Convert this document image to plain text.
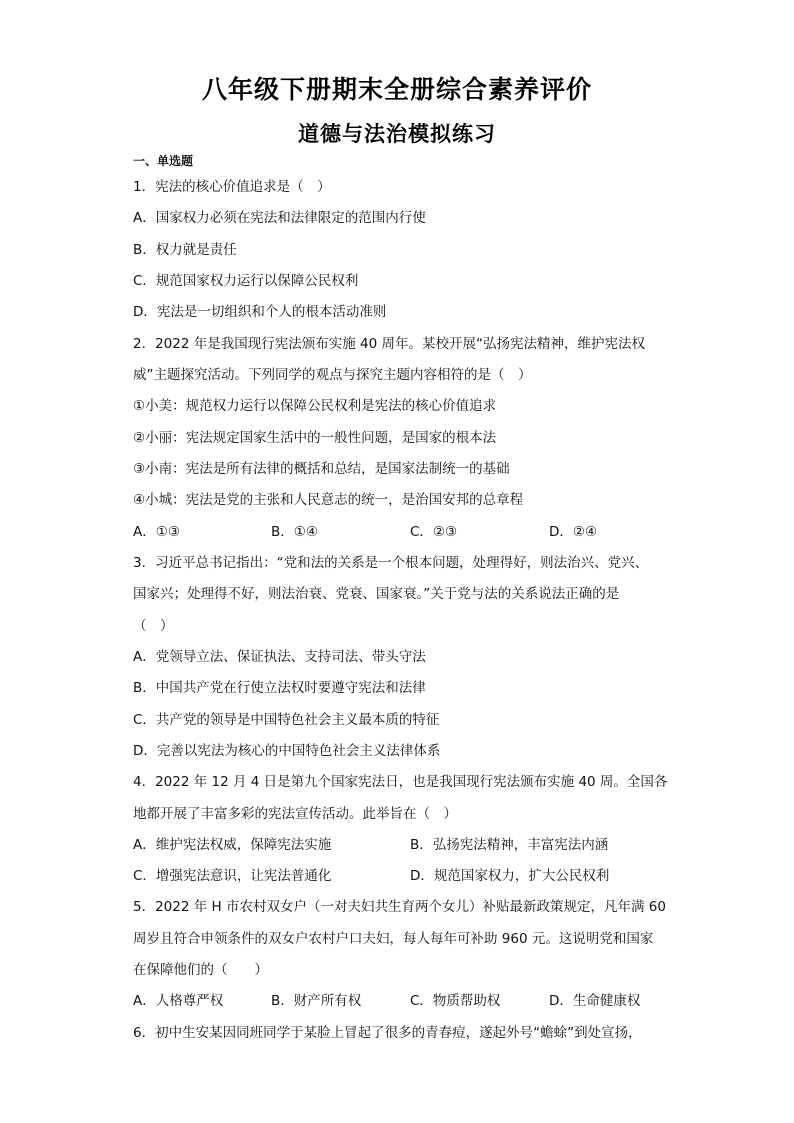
八年级下册期末全册综合素养评价
道德与法治模拟练习
一、单选题
1．宪法的核心价值追求是（　）
A．国家权力必须在宪法和法律限定的范围内行使
B．权力就是责任
C．规范国家权力运行以保障公民权利
D．宪法是一切组织和个人的根本活动准则
2．2022 年是我国现行宪法颁布实施 40 周年。某校开展“弘扬宪法精神，维护宪法权
威”主题探究活动。下列同学的观点与探究主题内容相符的是（　）
①小美：规范权力运行以保障公民权利是宪法的核心价值追求
②小丽：宪法规定国家生活中的一般性问题，是国家的根本法
③小南：宪法是所有法律的概括和总结，是国家法制统一的基础
④小城：宪法是党的主张和人民意志的统一，是治国安邦的总章程
A．①③	B．①④	C．②③	D．②④
3．习近平总书记指出：“党和法的关系是一个根本问题，处理得好，则法治兴、党兴、
国家兴；处理得不好，则法治衰、党衰、国家衰。”关于党与法的关系说法正确的是
（　）
A．党领导立法、保证执法、支持司法、带头守法
B．中国共产党在行使立法权时要遵守宪法和法律
C．共产党的领导是中国特色社会主义最本质的特征
D．完善以宪法为核心的中国特色社会主义法律体系
4．2022 年 12 月 4 日是第九个国家宪法日，也是我国现行宪法颁布实施 40 周。全国各
地都开展了丰富多彩的宪法宣传活动。此举旨在（　）
A．维护宪法权威，保障宪法实施	B．弘扬宪法精神，丰富宪法内涵
C．增强宪法意识，让宪法普通化	D．规范国家权力，扩大公民权利
5．2022 年 H 市农村双女户（一对夫妇共生育两个女儿）补贴最新政策规定，凡年满 60
周岁且符合申领条件的双女户农村户口夫妇，每人每年可补助 960 元。这说明党和国家
在保障他们的（　　）
A．人格尊严权	B．财产所有权	C．物质帮助权	D．生命健康权
6．初中生安某因同班同学于某脸上冒起了很多的青春痘，遂起外号“蟾蜍”到处宣扬，
